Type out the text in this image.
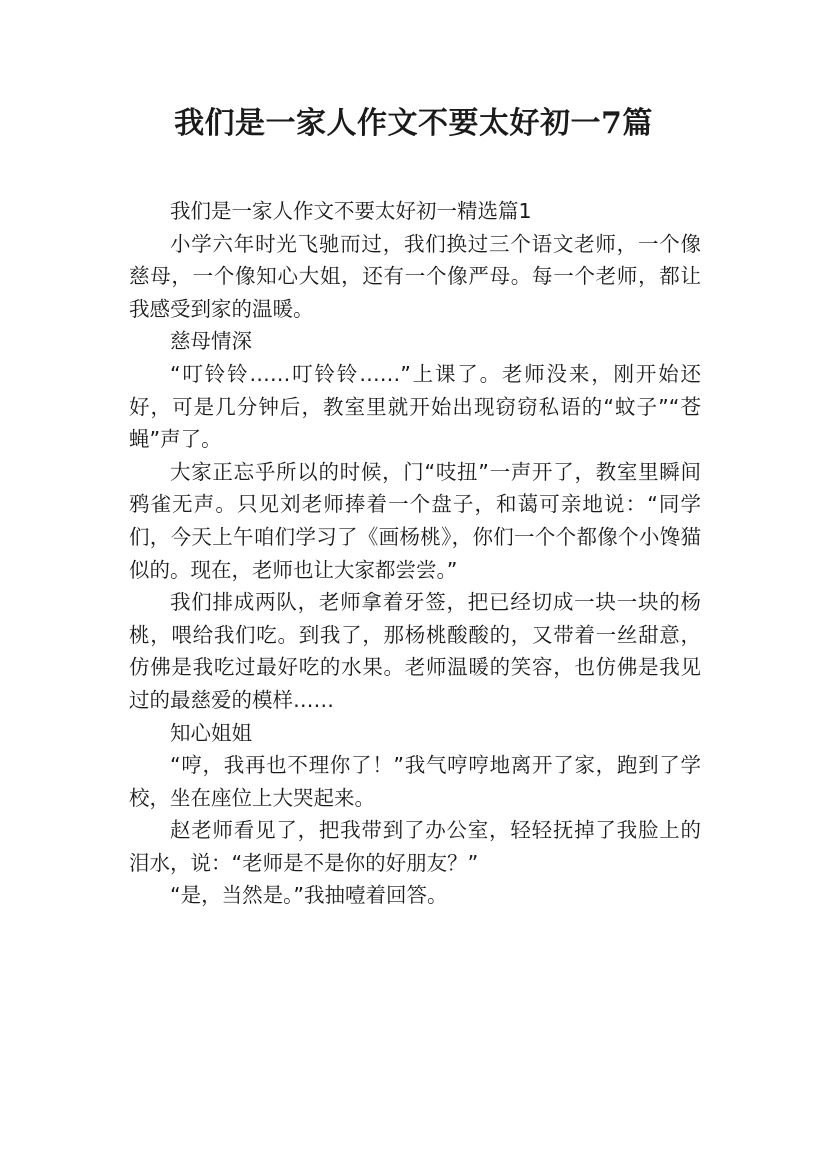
我们是一家人作文不要太好初一7篇

我们是一家人作文不要太好初一精选篇1

小学六年时光飞驰而过，我们换过三个语文老师，一个像慈母，一个像知心大姐，还有一个像严母。每一个老师，都让我感受到家的温暖。

慈母情深

“叮铃铃……叮铃铃……”上课了。老师没来，刚开始还好，可是几分钟后，教室里就开始出现窃窃私语的“蚊子”“苍蝇”声了。

大家正忘乎所以的时候，门“吱扭”一声开了，教室里瞬间鸦雀无声。只见刘老师捧着一个盘子，和蔼可亲地说：“同学们，今天上午咱们学习了《画杨桃》，你们一个个都像个小馋猫似的。现在，老师也让大家都尝尝。”

我们排成两队，老师拿着牙签，把已经切成一块一块的杨桃，喂给我们吃。到我了，那杨桃酸酸的，又带着一丝甜意，仿佛是我吃过最好吃的水果。老师温暖的笑容，也仿佛是我见过的最慈爱的模样……

知心姐姐

“哼，我再也不理你了！”我气哼哼地离开了家，跑到了学校，坐在座位上大哭起来。

赵老师看见了，把我带到了办公室，轻轻抚掉了我脸上的泪水，说：“老师是不是你的好朋友？”

“是，当然是。”我抽噎着回答。
